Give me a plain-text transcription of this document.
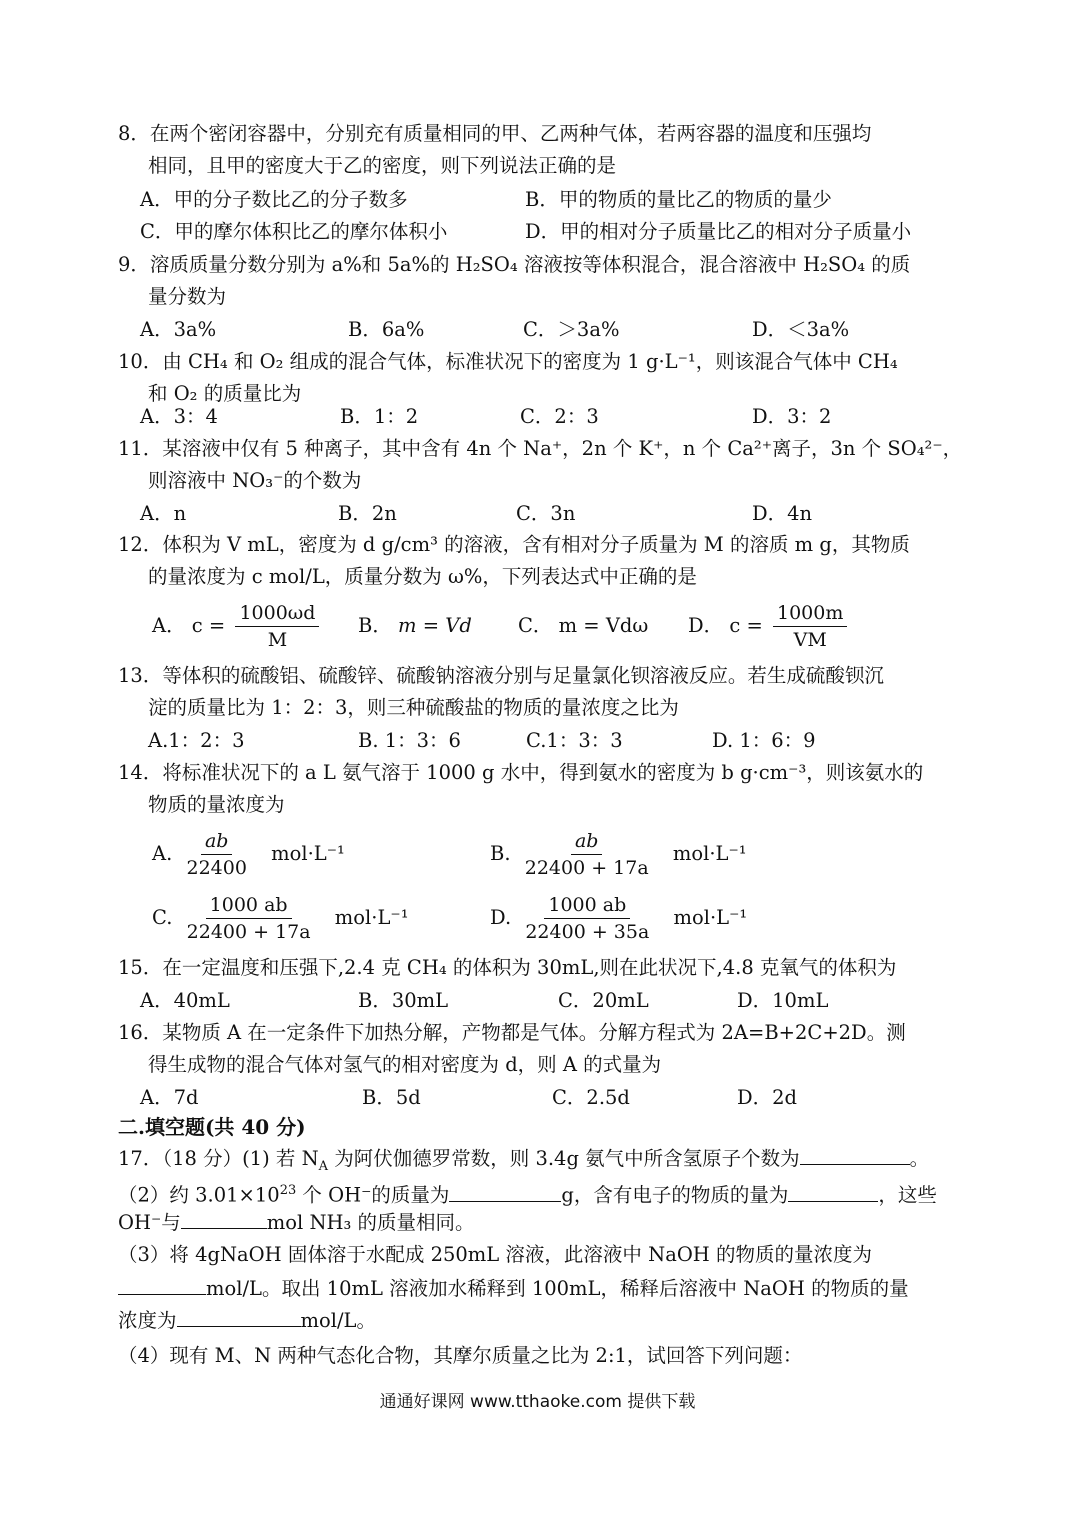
8．在两个密闭容器中，分别充有质量相同的甲、乙两种气体，若两容器的温度和压强均
相同，且甲的密度大于乙的密度，则下列说法正确的是
A．甲的分子数比乙的分子数多	B．甲的物质的量比乙的物质的量少
C．甲的摩尔体积比乙的摩尔体积小	D．甲的相对分子质量比乙的相对分子质量小
9．溶质质量分数分别为 a%和 5a%的 H₂SO₄ 溶液按等体积混合，混合溶液中 H₂SO₄ 的质
量分数为
A．3a%	B．6a%	C．＞3a%	D．＜3a%
10．由 CH₄ 和 O₂ 组成的混合气体，标准状况下的密度为 1 g·L⁻¹，则该混合气体中 CH₄
和 O₂ 的质量比为
A．3：4	B．1：2	C．2：3	D．3：2
11．某溶液中仅有 5 种离子，其中含有 4n 个 Na⁺，2n 个 K⁺，n 个 Ca²⁺离子，3n 个 SO₄²⁻，
则溶液中 NO₃⁻的个数为
A．n	B．2n	C．3n	D．4n
12．体积为 V mL，密度为 d g/cm³ 的溶液，含有相对分子质量为 M 的溶质 m g，其物质
的量浓度为 c mol/L，质量分数为 ω%，下列表达式中正确的是
A． $c = \frac{1000\omega d}{M}$ B． m = Vd C． m = Vdω D． $c = \frac{1000m}{VM}$
13．等体积的硫酸铝、硫酸锌、硫酸钠溶液分别与足量氯化钡溶液反应。若生成硫酸钡沉
淀的质量比为 1：2：3，则三种硫酸盐的物质的量浓度之比为
A.1：2：3	B. 1：3：6	C.1：3：3	D. 1：6：9
14．将标准状况下的 a L 氨气溶于 1000 g 水中，得到氨水的密度为 b g·cm⁻³，则该氨水的
物质的量浓度为
A. $\frac{ab}{22400} mol\cdot L^{-1}$	B. $\frac{ab}{22400 + 17a} mol\cdot L^{-1}$
C. $\frac{1000 ab}{22400 + 17a} mol\cdot L^{-1}$	D. $\frac{1000 ab}{22400 + 35a} mol\cdot L^{-1}$
15．在一定温度和压强下,2.4 克 CH₄ 的体积为 30mL,则在此状况下,4.8 克氧气的体积为
A．40mL	B．30mL	C．20mL	D．10mL
16．某物质 A 在一定条件下加热分解，产物都是气体。分解方程式为 2A=B+2C+2D。测
得生成物的混合气体对氢气的相对密度为 d，则 A 的式量为
A．7d	B．5d	C．2.5d	D．2d
二.填空题(共 40 分)
17．（18 分）(1) 若 $N_A$ 为阿伏伽德罗常数，则 3.4g 氨气中所含氢原子个数为	。
（2）约 $3.01\times 10^{23}$ 个 OH⁻的质量为	g，含有电子的物质的量为	，这些
OH⁻与	mol NH₃ 的质量相同。
（3）将 4gNaOH 固体溶于水配成 250mL 溶液，此溶液中 NaOH 的物质的量浓度为
mol/L。取出 10mL 溶液加水稀释到 100mL，稀释后溶液中 NaOH 的物质的量
浓度为	mol/L。
（4）现有 M、N 两种气态化合物，其摩尔质量之比为 2:1，试回答下列问题：
通通好课网 www.tthaoke.com 提供下载
